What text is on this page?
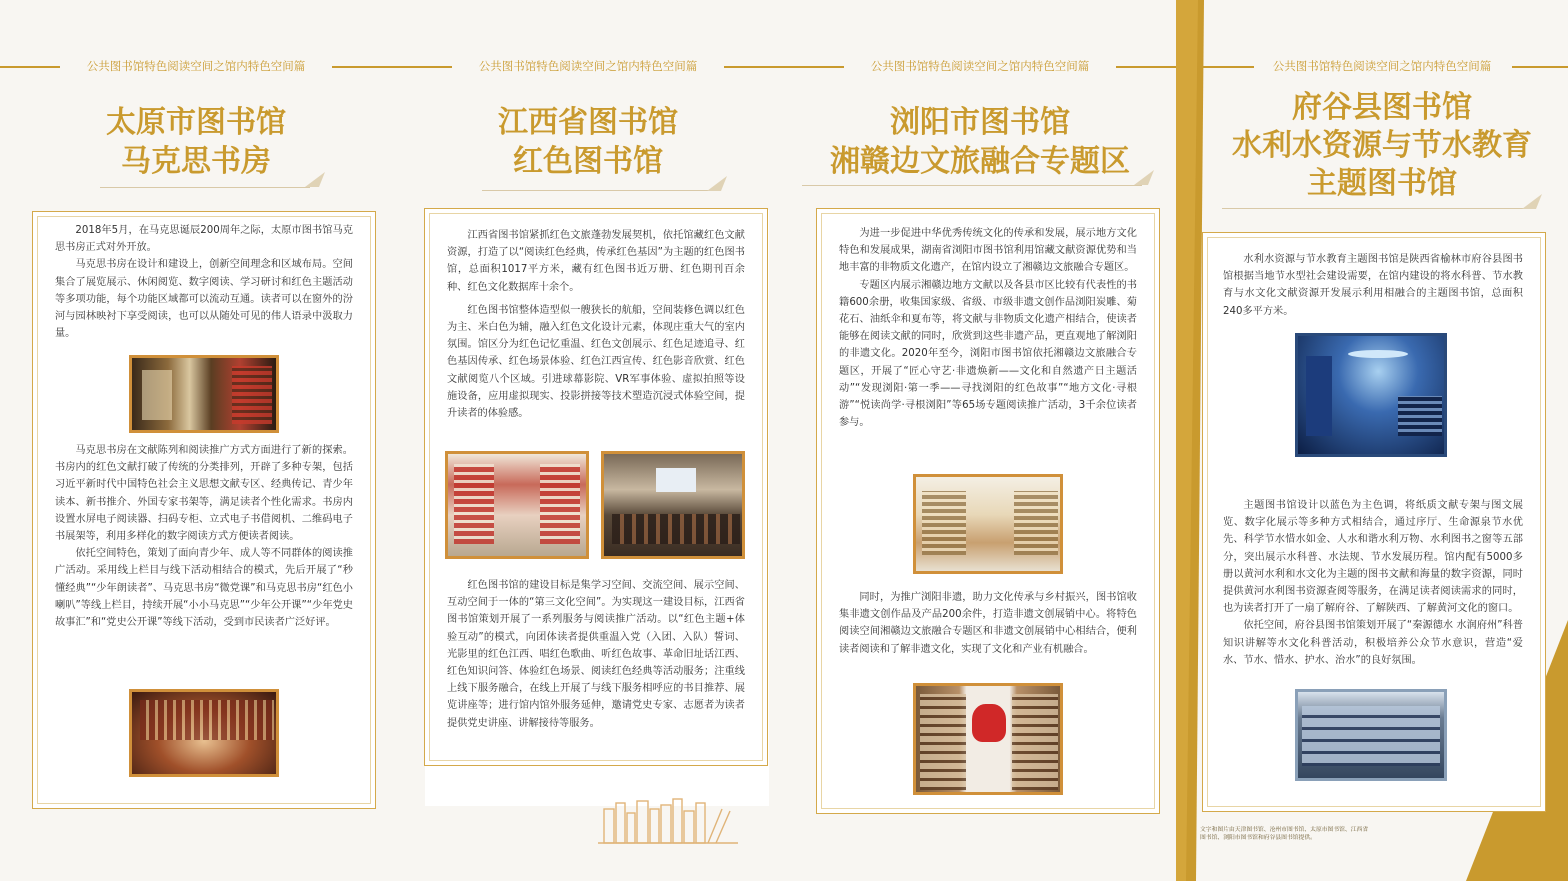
公共图书馆特色阅读空间之馆内特色空间篇
太原市图书馆
马克思书房

2018年5月，在马克思诞辰200周年之际，太原市图书馆马克思书房正式对外开放。

马克思书房在设计和建设上，创新空间理念和区域布局。空间集合了展览展示、休闲阅览、数字阅读、学习研讨和红色主题活动等多项功能，每个功能区域都可以流动互通。读者可以在窗外的汾河与园林映衬下享受阅读，也可以从随处可见的伟人语录中汲取力量。

马克思书房在文献陈列和阅读推广方式方面进行了新的探索。书房内的红色文献打破了传统的分类排列，开辟了多种专架，包括习近平新时代中国特色社会主义思想文献专区、经典传记、青少年读本、新书推介、外国专家书架等，满足读者个性化需求。书房内设置水屏电子阅读器、扫码专柜、立式电子书借阅机、二维码电子书展架等，利用多样化的数字阅读方式方便读者阅读。

依托空间特色，策划了面向青少年、成人等不同群体的阅读推广活动。采用线上栏目与线下活动相结合的模式，先后开展了“秒懂经典”“少年朗读者”、马克思书房“微党课”和马克思书房“红色小喇叭”等线上栏目，持续开展“小小马克思”“少年公开课”“少年党史故事汇”和“党史公开课”等线下活动，受到市民读者广泛好评。

公共图书馆特色阅读空间之馆内特色空间篇
江西省图书馆
红色图书馆

江西省图书馆紧抓红色文旅蓬勃发展契机，依托馆藏红色文献资源，打造了以“阅读红色经典，传承红色基因”为主题的红色图书馆，总面积1017平方米，藏有红色图书近万册、红色期刊百余种、红色文化数据库十余个。

红色图书馆整体造型似一艘狭长的航船，空间装修色调以红色为主、米白色为辅，融入红色文化设计元素，体现庄重大气的室内氛围。馆区分为红色记忆重温、红色文创展示、红色足迹追寻、红色基因传承、红色场景体验、红色江西宣传、红色影音欣赏、红色文献阅览八个区域。引进球幕影院、VR军事体验、虚拟拍照等设施设备，应用虚拟现实、投影拼接等技术塑造沉浸式体验空间，提升读者的体验感。

红色图书馆的建设目标是集学习空间、交流空间、展示空间、互动空间于一体的“第三文化空间”。为实现这一建设目标，江西省图书馆策划开展了一系列服务与阅读推广活动。以“红色主题+体验互动”的模式，向团体读者提供重温入党（入团、入队）誓词、光影里的红色江西、唱红色歌曲、听红色故事、革命旧址话江西、红色知识问答、体验红色场景、阅读红色经典等活动服务；注重线上线下服务融合，在线上开展了与线下服务相呼应的书目推荐、展览讲座等；进行馆内馆外服务延伸，邀请党史专家、志愿者为读者提供党史讲座、讲解接待等服务。

公共图书馆特色阅读空间之馆内特色空间篇
浏阳市图书馆
湘赣边文旅融合专题区

为进一步促进中华优秀传统文化的传承和发展，展示地方文化特色和发展成果，湖南省浏阳市图书馆利用馆藏文献资源优势和当地丰富的非物质文化遗产，在馆内设立了湘赣边文旅融合专题区。

专题区内展示湘赣边地方文献以及各县市区比较有代表性的书籍600余册，收集国家级、省级、市级非遗文创作品浏阳炭雕、菊花石、油纸伞和夏布等，将文献与非物质文化遗产相结合，使读者能够在阅读文献的同时，欣赏到这些非遗产品，更直观地了解浏阳的非遗文化。2020年至今，浏阳市图书馆依托湘赣边文旅融合专题区，开展了“匠心守艺·非遗焕新——文化和自然遗产日主题活动”“发现浏阳·第一季——寻找浏阳的红色故事”“地方文化·寻根游”“悦读尚学·寻根浏阳”等65场专题阅读推广活动，3千余位读者参与。

同时，为推广浏阳非遗，助力文化传承与乡村振兴，图书馆收集非遗文创作品及产品200余件，打造非遗文创展销中心。将特色阅读空间湘赣边文旅融合专题区和非遗文创展销中心相结合，便利读者阅读和了解非遗文化，实现了文化和产业有机融合。

公共图书馆特色阅读空间之馆内特色空间篇
府谷县图书馆
水利水资源与节水教育
主题图书馆

水利水资源与节水教育主题图书馆是陕西省榆林市府谷县图书馆根据当地节水型社会建设需要，在馆内建设的将水科普、节水教育与水文化文献资源开发展示利用相融合的主题图书馆，总面积240多平方米。

主题图书馆设计以蓝色为主色调，将纸质文献专架与图文展览、数字化展示等多种方式相结合，通过序厅、生命源泉节水优先、科学节水惜水如金、人水和谐水利万物、水利图书之窗等五部分，突出展示水科普、水法规、节水发展历程。馆内配有5000多册以黄河水利和水文化为主题的图书文献和海量的数字资源，同时提供黄河水利图书资源查阅等服务，在满足读者阅读需求的同时，也为读者打开了一扇了解府谷、了解陕西、了解黄河文化的窗口。

依托空间，府谷县图书馆策划开展了“秦源德水 水润府州”科普知识讲解等水文化科普活动，积极培养公众节水意识，营造“爱水、节水、惜水、护水、治水”的良好氛围。

文字和图片由天津图书馆、沧州市图书馆、太原市图书馆、江西省图书馆、浏阳市图书馆和府谷县图书馆提供。
